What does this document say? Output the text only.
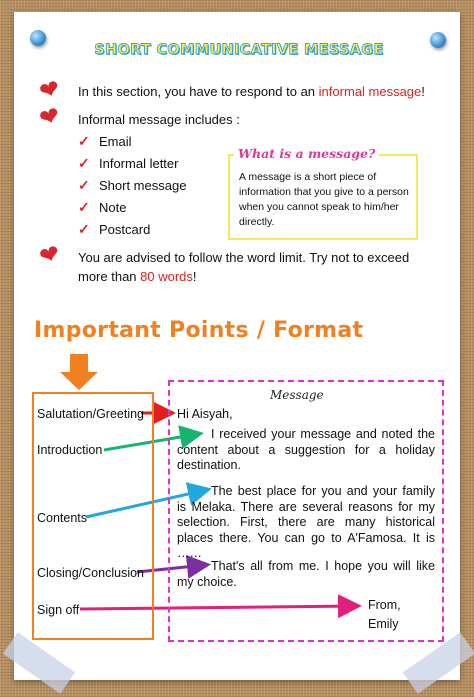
SHORT COMMUNICATIVE MESSAGE
❤ In this section, you have to respond to an informal message!
❤ Informal message includes :
✓ Email
✓ Informal letter
✓ Short message
✓ Note
✓ Postcard
What is a message?
A message is a short piece of information that you give to a person when you cannot speak to him/her directly.
❤ You are advised to follow the word limit. Try not to exceed
more than 80 words!
Important Points / Format
Salutation/Greeting
Introduction
Contents
Closing/Conclusion
Sign off
Message
Hi Aisyah,
I received your message and noted the content about a suggestion for a holiday destination.
The best place for you and your family is Melaka. There are several reasons for my selection. First, there are many historical places there. You can go to A'Famosa. It is ……
That's all from me. I hope you will like my choice.
From,
Emily
